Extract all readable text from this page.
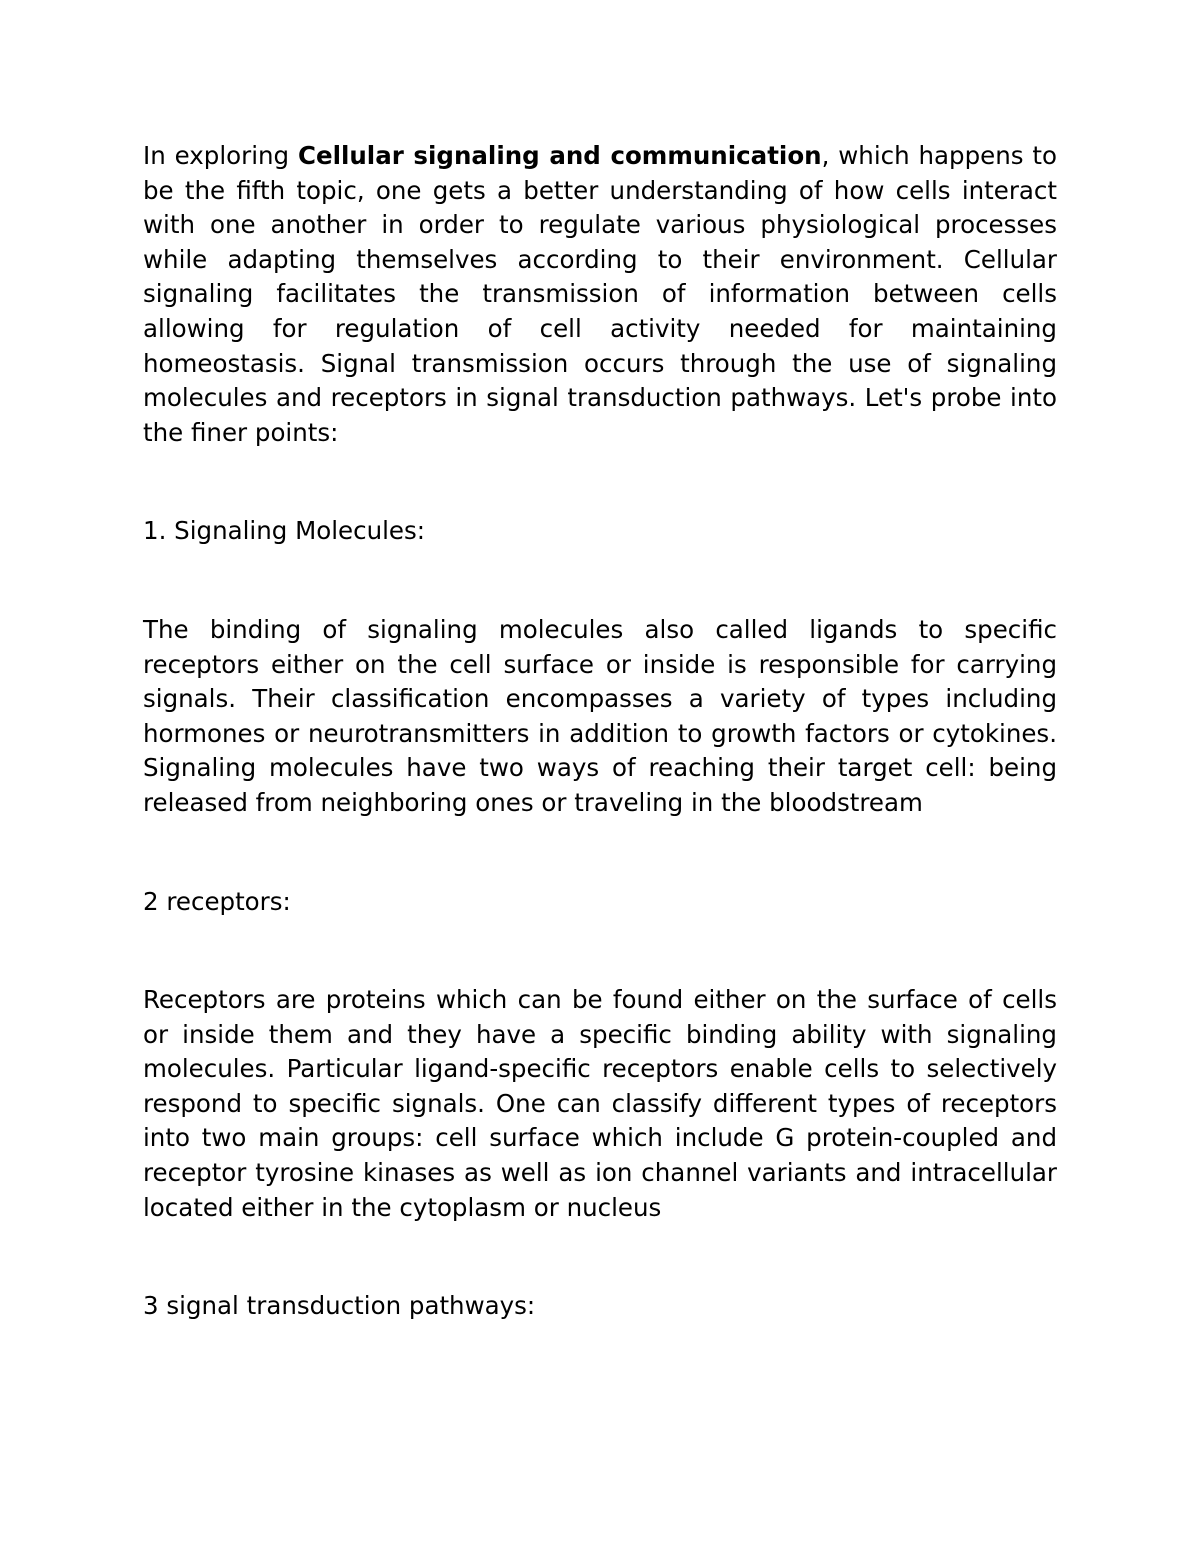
In exploring Cellular signaling and communication, which happens to be the fifth topic, one gets a better understanding of how cells interact with one another in order to regulate various physiological processes while adapting themselves according to their environment. Cellular signaling facilitates the transmission of information between cells allowing for regulation of cell activity needed for maintaining homeostasis. Signal transmission occurs through the use of signaling molecules and receptors in signal transduction pathways. Let's probe into the finer points:

1. Signaling Molecules:

The binding of signaling molecules also called ligands to specific receptors either on the cell surface or inside is responsible for carrying signals. Their classification encompasses a variety of types including hormones or neurotransmitters in addition to growth factors or cytokines. Signaling molecules have two ways of reaching their target cell: being released from neighboring ones or traveling in the bloodstream

2 receptors:

Receptors are proteins which can be found either on the surface of cells or inside them and they have a specific binding ability with signaling molecules. Particular ligand-specific receptors enable cells to selectively respond to specific signals. One can classify different types of receptors into two main groups: cell surface which include G protein-coupled and receptor tyrosine kinases as well as ion channel variants and intracellular located either in the cytoplasm or nucleus

3 signal transduction pathways:
